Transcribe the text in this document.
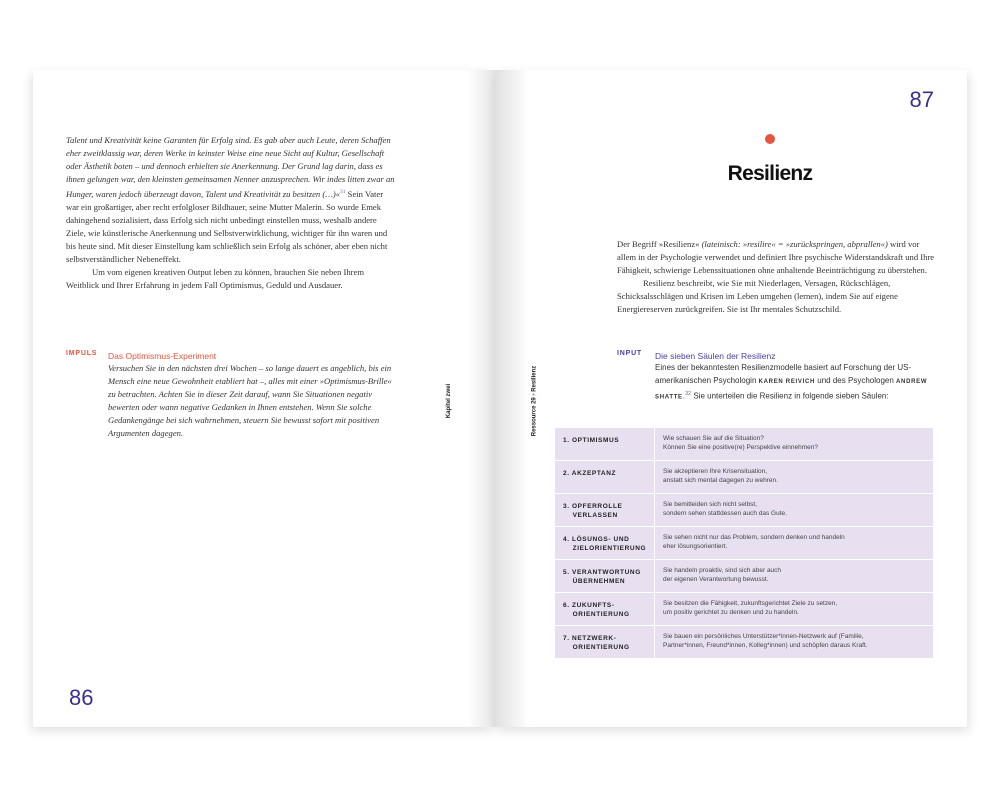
Talent und Kreativität keine Garanten für Erfolg sind. Es gab aber auch Leute, deren Schaffen eher zweitklassig war, deren Werke in keinster Weise eine neue Sicht auf Kultur, Gesellschaft oder Ästhetik boten – und dennoch erhielten sie Anerkennung. Der Grund lag darin, dass es ihnen gelungen war, den kleinsten gemeinsamen Nenner anzusprechen. Wir indes litten zwar an Hunger, waren jedoch überzeugt davon, Talent und Kreativität zu besitzen (…)«$^{31}$ Sein Vater war ein großartiger, aber recht erfolgloser Bildhauer, seine Mutter Malerin. So wurde Emek dahingehend sozialisiert, dass Erfolg sich nicht unbedingt einstellen muss, weshalb andere Ziele, wie künstlerische Anerkennung und Selbstverwirklichung, wichtiger für ihn waren und bis heute sind. Mit dieser Einstellung kam schließlich sein Erfolg als schöner, aber eben nicht selbstverständlicher Nebeneffekt.

Um vom eigenen kreativen Output leben zu können, brauchen Sie neben Ihrem Weitblick und Ihrer Erfahrung in jedem Fall Optimismus, Geduld und Ausdauer.

IMPULS Das Optimismus-Experiment
Versuchen Sie in den nächsten drei Wochen – so lange dauert es angeblich, bis ein Mensch eine neue Gewohnheit etabliert hat –, alles mit einer »Optimismus-Brille« zu betrachten. Achten Sie in dieser Zeit darauf, wann Sie Situationen negativ bewerten oder wann negative Gedanken in Ihnen entstehen. Wenn Sie solche Gedankengänge bei sich wahrnehmen, steuern Sie bewusst sofort mit positiven Argumenten dagegen.
Kapitel zwei
86
87
Ressource 29 • Resilienz
Resilienz

Der Begriff »Resilienz« (lateinisch: »resilire« = »zurückspringen, abprallen«) wird vor allem in der Psychologie verwendet und definiert Ihre psychische Widerstandskraft und Ihre Fähigkeit, schwierige Lebenssituationen ohne anhaltende Beeinträchtigung zu überstehen.

Resilienz beschreibt, wie Sie mit Niederlagen, Versagen, Rückschlägen, Schicksalsschlägen und Krisen im Leben umgehen (lernen), indem Sie auf eigene Energiereserven zurückgreifen. Sie ist Ihr mentales Schutzschild.

INPUT Die sieben Säulen der Resilienz
Eines der bekanntesten Resilienzmodelle basiert auf Forschung der US-amerikanischen Psychologin KAREN REIVICH und des Psychologen ANDREW SHATTE.$^{32}$ Sie unterteilen die Resilienz in folgende sieben Säulen:
1. OPTIMISMUS	Wie schauen Sie auf die Situation?
Können Sie eine positive(re) Perspektive einnehmen?
2. AKZEPTANZ	Sie akzeptieren Ihre Krisensituation,
anstatt sich mental dagegen zu wehren.
3. OPFERROLLE
VERLASSEN
Sie bemitleiden sich nicht selbst,
sondern sehen stattdessen auch das Gute.
4. LÖSUNGS- UND
ZIELORIENTIERUNG
Sie sehen nicht nur das Problem, sondern denken und handeln
eher lösungsorientiert.
5. VERANTWORTUNG
ÜBERNEHMEN
Sie handeln proaktiv, sind sich aber auch
der eigenen Verantwortung bewusst.
6. ZUKUNFTS-
ORIENTIERUNG
Sie besitzen die Fähigkeit, zukunftsgerichtet Ziele zu setzen,
um positiv gerichtet zu denken und zu handeln.
7. NETZWERK-
ORIENTIERUNG
Sie bauen ein persönliches Unterstützer*innen-Netzwerk auf (Familie,
Partner*innen, Freund*innen, Kolleg*innen) und schöpfen daraus Kraft.
